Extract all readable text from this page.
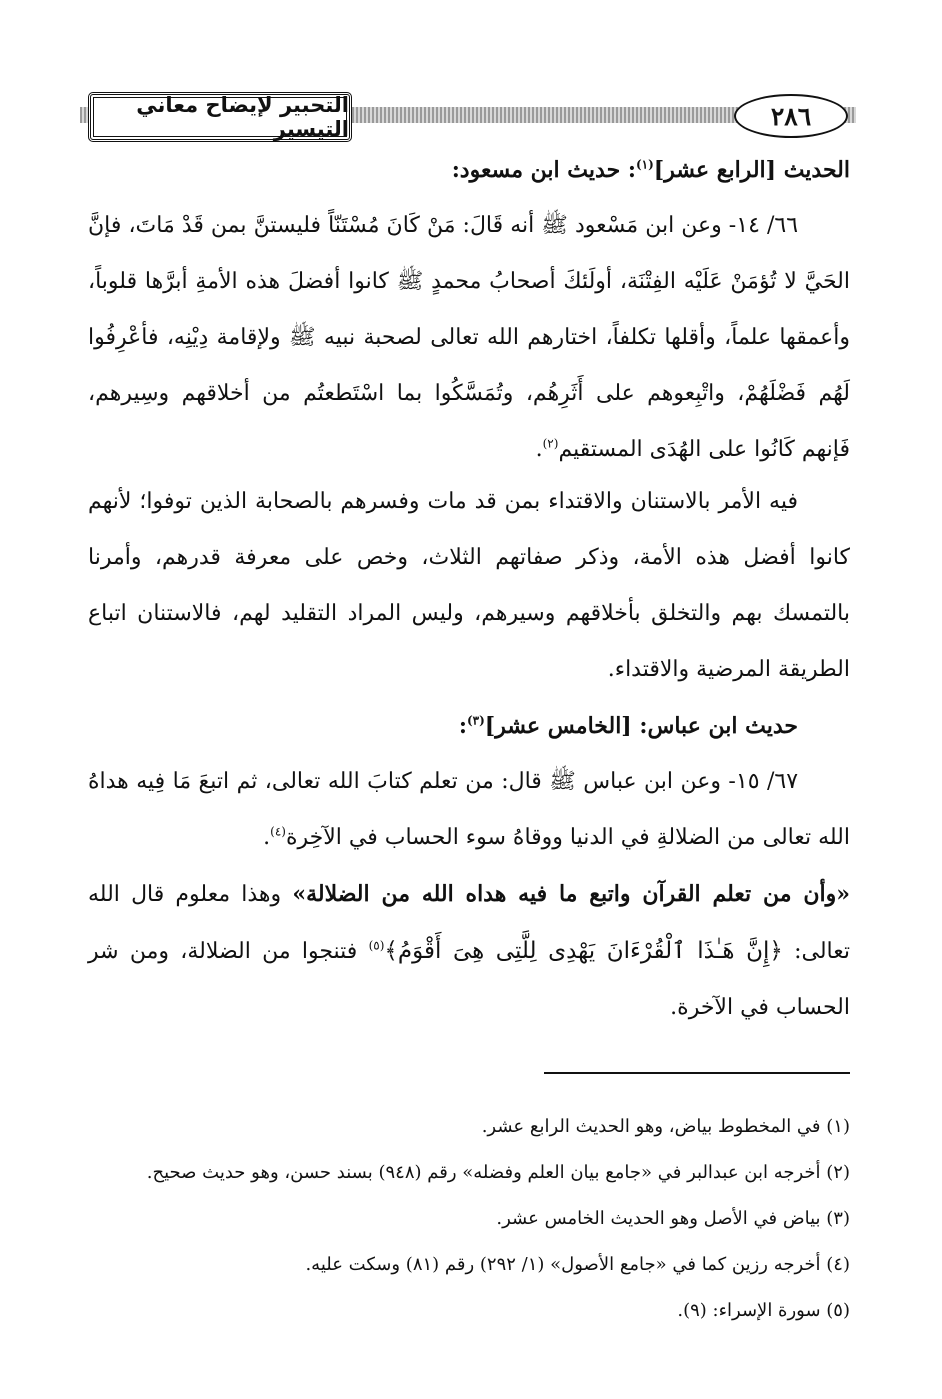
التحبير لإيضاح معاني التيسير	٢٨٦

الحديث [الرابع عشر]$^{(١)}$: حديث ابن مسعود:

٦٦/ ١٤- وعن ابن مَسْعود ﷺ أنه قَالَ: مَنْ كَانَ مُسْتَنّاً فليستنَّ بمن قَدْ مَاتَ، فإنَّ الحَيَّ لا تُؤمَنْ عَلَيْه الفِتْنَة، أولَئكَ أصحابُ محمدٍ ﷺ كانوا أفضلَ هذه الأمةِ أبرَّها قلوباً، وأعمقها علماً، وأقلها تكلفاً، اختارهم الله تعالى لصحبة نبيه ﷺ ولإقامة دِيْنِه، فأعْرِفُوا لَهُم فَضْلَهُمْ، واتْبِعوهم على أَثَرِهُم، وتُمَسَّكُوا بما اسْتَطعتُم من أخلاقهم وسِيرهم، فَإنهم كَانُوا على الهُدَى المستقيم$^{(٢)}$.

فيه الأمر بالاستنان والاقتداء بمن قد مات وفسرهم بالصحابة الذين توفوا؛ لأنهم كانوا أفضل هذه الأمة، وذكر صفاتهم الثلاث، وخص على معرفة قدرهم، وأمرنا بالتمسك بهم والتخلق بأخلاقهم وسيرهم، وليس المراد التقليد لهم، فالاستنان اتباع الطريقة المرضية والاقتداء.

حديث ابن عباس: [الخامس عشر]$^{(٣)}$:

٦٧/ ١٥- وعن ابن عباس ﷺ قال: من تعلم كتابَ الله تعالى، ثم اتبعَ مَا فِيه هداهُ الله تعالى من الضلالةِ في الدنيا ووقاهُ سوء الحساب في الآخِرة$^{(٤)}$.

«وأن من تعلم القرآن واتبع ما فيه هداه الله من الضلالة» وهذا معلوم قال الله تعالى: ﴿إِنَّ هَـٰذَا ٱلْقُرْءَانَ يَهْدِى لِلَّتِى هِىَ أَقْوَمُ﴾$^{(٥)}$ فتنجوا من الضلالة، ومن شر الحساب في الآخرة.

(١) في المخطوط بياض، وهو الحديث الرابع عشر.
(٢) أخرجه ابن عبدالبر في «جامع بيان العلم وفضله» رقم (٩٤٨) بسند حسن، وهو حديث صحيح.
(٣) بياض في الأصل وهو الحديث الخامس عشر.
(٤) أخرجه رزين كما في «جامع الأصول» (١/ ٢٩٢) رقم (٨١) وسكت عليه.
(٥) سورة الإسراء: (٩).
